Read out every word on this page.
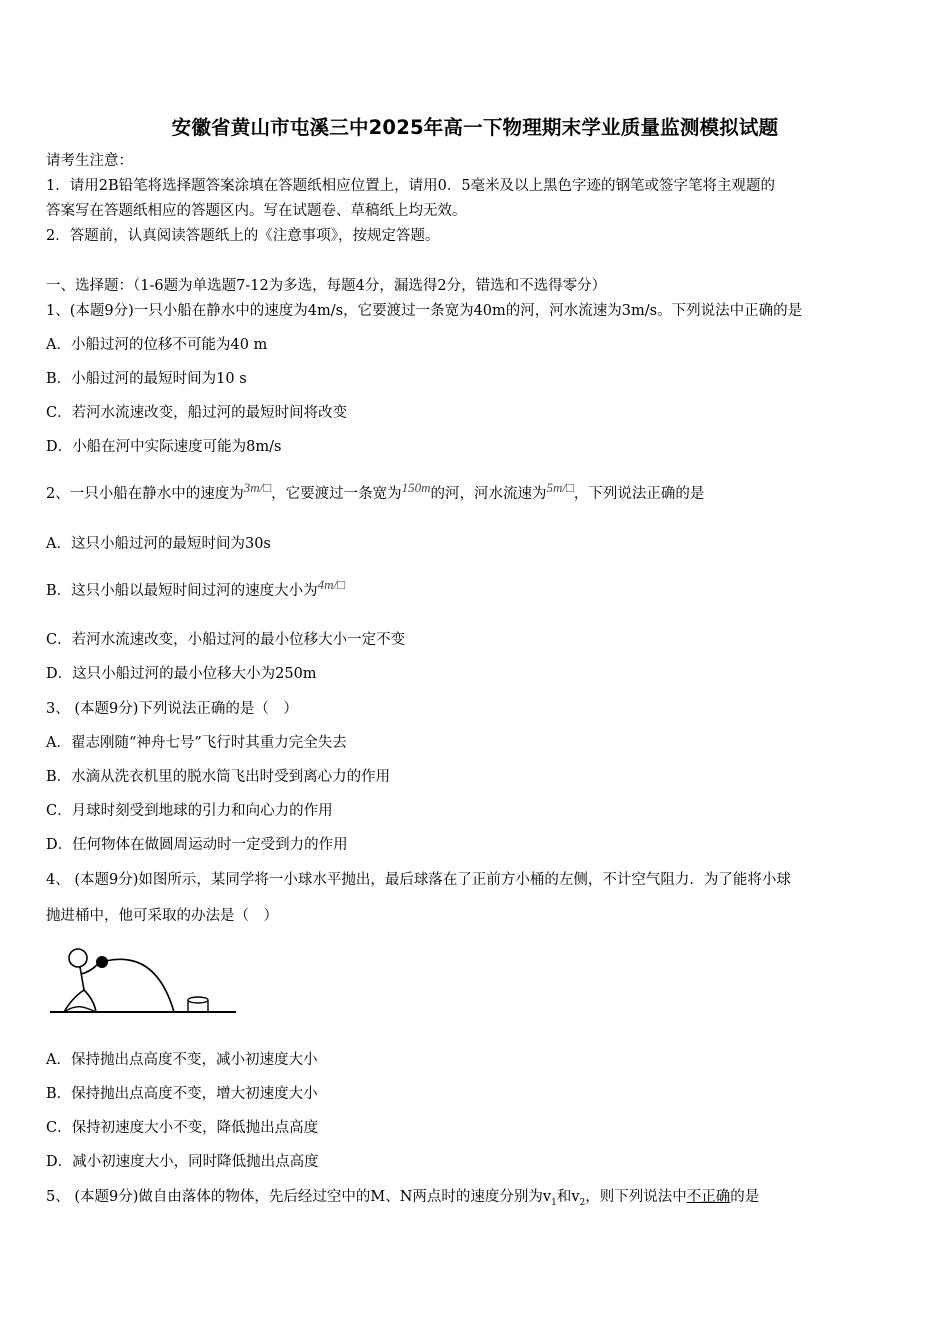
安徽省黄山市屯溪三中2025年高一下物理期末学业质量监测模拟试题
请考生注意：
1．请用2B铅笔将选择题答案涂填在答题纸相应位置上，请用0．5毫米及以上黑色字迹的钢笔或签字笔将主观题的
答案写在答题纸相应的答题区内。写在试题卷、草稿纸上均无效。
2．答题前，认真阅读答题纸上的《注意事项》，按规定答题。
一、选择题：（1-6题为单选题7-12为多选，每题4分，漏选得2分，错选和不选得零分）
1、(本题9分)一只小船在静水中的速度为4m/s，它要渡过一条宽为40m的河，河水流速为3m/s。下列说法中正确的是
A．小船过河的位移不可能为40 m
B．小船过河的最短时间为10 s
C．若河水流速改变，船过河的最短时间将改变
D．小船在河中实际速度可能为8m/s
2、一只小船在静水中的速度为3m/□，它要渡过一条宽为150m的河，河水流速为5m/□，下列说法正确的是
A．这只小船过河的最短时间为30s
B．这只小船以最短时间过河的速度大小为4m/□
C．若河水流速改变，小船过河的最小位移大小一定不变
D．这只小船过河的最小位移大小为250m
3、 (本题9分)下列说法正确的是（　）
A．翟志刚随“神舟七号”飞行时其重力完全失去
B．水滴从洗衣机里的脱水筒飞出时受到离心力的作用
C．月球时刻受到地球的引力和向心力的作用
D．任何物体在做圆周运动时一定受到力的作用
4、 (本题9分)如图所示，某同学将一小球水平抛出，最后球落在了正前方小桶的左侧，不计空气阻力．为了能将小球
抛进桶中，他可采取的办法是（　）
A．保持抛出点高度不变，减小初速度大小
B．保持抛出点高度不变，增大初速度大小
C．保持初速度大小不变，降低抛出点高度
D．减小初速度大小，同时降低抛出点高度
5、 (本题9分)做自由落体的物体，先后经过空中的M、N两点时的速度分别为$v_1$和$v_2$，则下列说法中不正确的是
